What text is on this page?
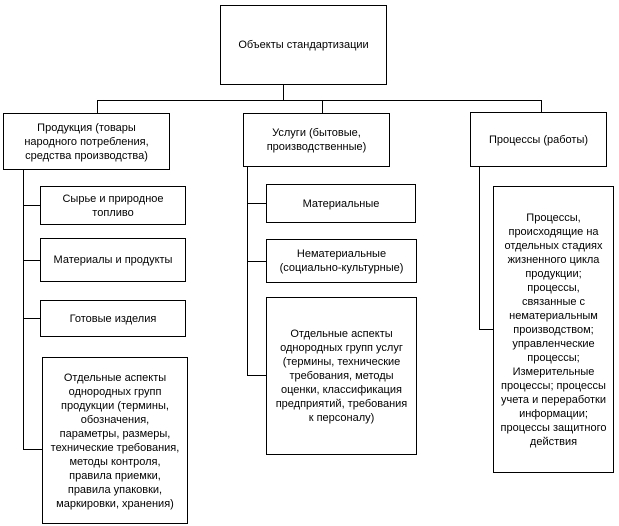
Объекты стандартизации
Продукция (товары народного потребления, средства производства)
Услуги (бытовые, производственные)
Процессы (работы)
Сырье и природное топливо
Материалы и продукты
Готовые изделия
Отдельные аспекты однородных групп продукции (термины, обозначения, параметры, размеры, технические требования, методы контроля, правила приемки, правила упаковки, маркировки, хранения)
Материальные
Нематериальные (социально-культурные)
Отдельные аспекты однородных групп услуг (термины, технические требования, методы оценки, классификация предприятий, требования к персоналу)
Процессы, происходящие на отдельных стадиях жизненного цикла продукции; процессы, связанные с нематериальным производством; управленческие процессы; Измерительные процессы; процессы учета и переработки информации; процессы защитного действия
